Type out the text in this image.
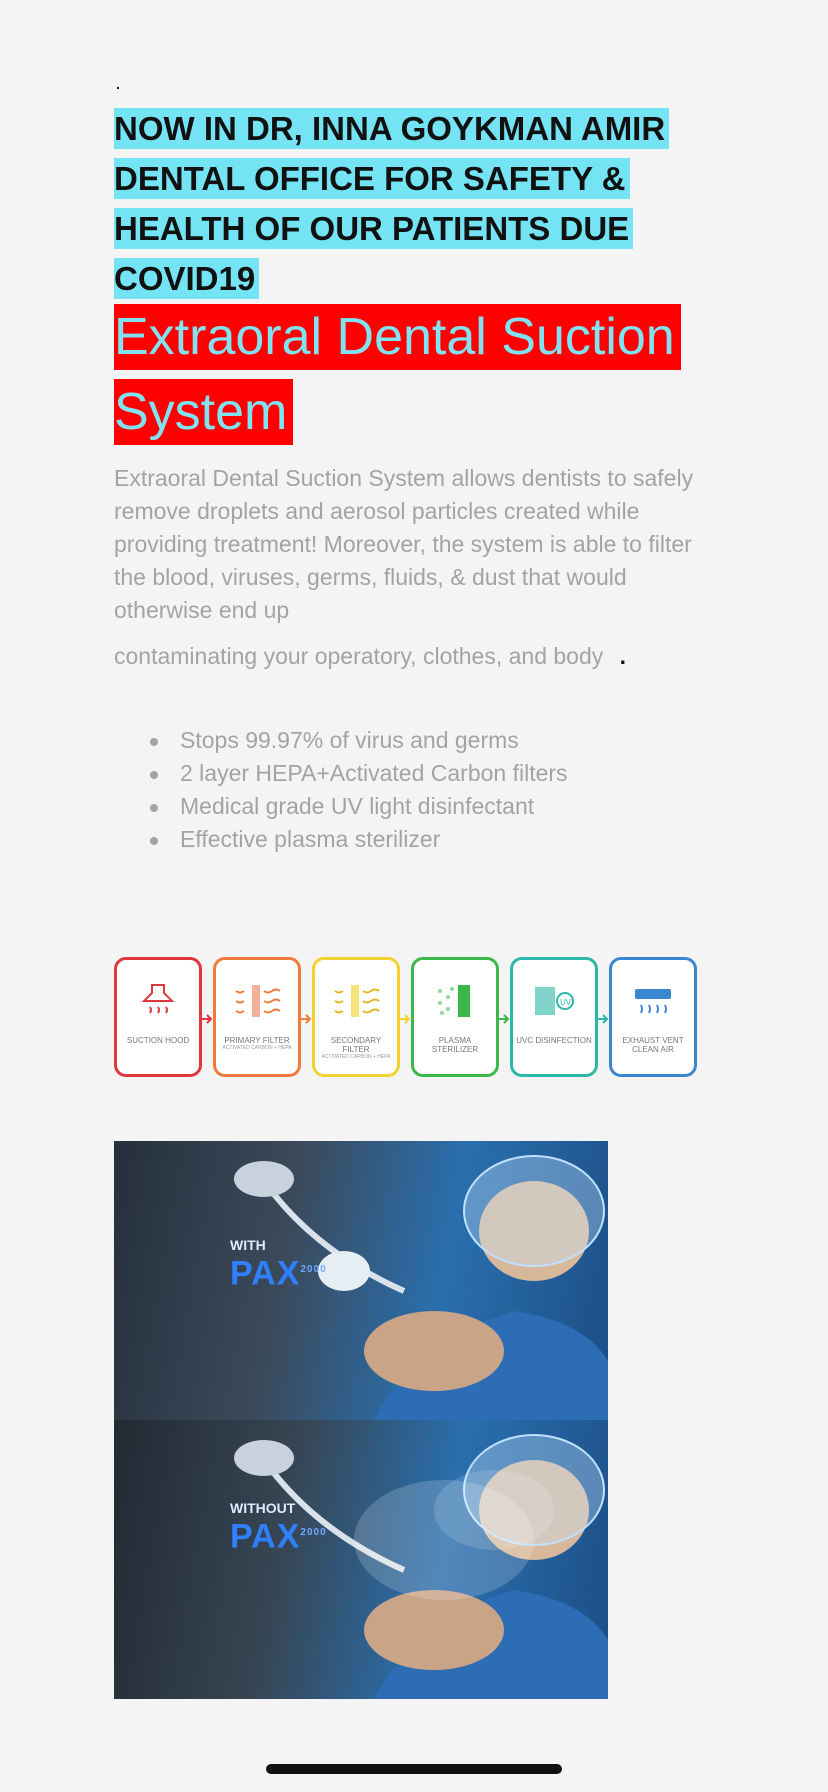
.
NOW IN DR, INNA GOYKMAN AMIR DENTAL OFFICE FOR SAFETY & HEALTH OF OUR PATIENTS DUE COVID19
Extraoral Dental Suction System
Extraoral Dental Suction System allows dentists to safely remove droplets and aerosol particles created while providing treatment! Moreover, the system is able to filter the blood, viruses, germs, fluids, & dust that would otherwise end up
contaminating your operatory, clothes, and body .
Stops 99.97% of virus and germs
2 layer HEPA+Activated Carbon filters
Medical grade UV light disinfectant
Effective plasma sterilizer
SUCTION HOOD	PRIMARY FILTER
ACTIVATED CARBON + HEPA
SECONDARY FILTER
ACTIVATED CARBON + HEPA
PLASMA STERILIZER
UV
UVC DISINFECTION	EXHAUST VENT
CLEAN AIR
WITH
$PAX^{2000}$
WITHOUT
$PAX^{2000}$
